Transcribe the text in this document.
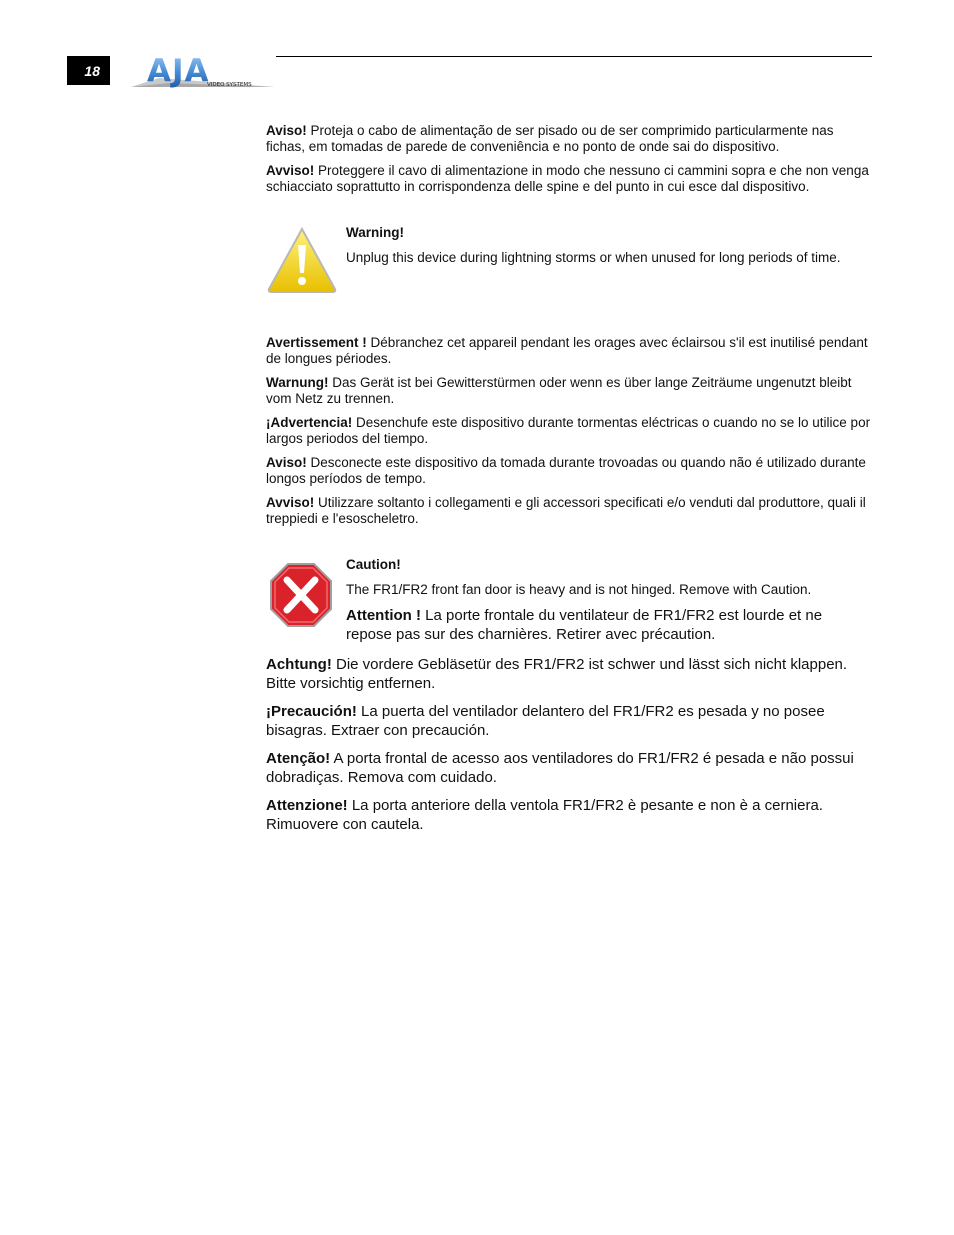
18 AJA
VIDEO SYSTEMS

Aviso! Proteja o cabo de alimentação de ser pisado ou de ser comprimido particularmente nas fichas, em tomadas de parede de conveniência e no ponto de onde sai do dispositivo.

Avviso! Proteggere il cavo di alimentazione in modo che nessuno ci cammini sopra e che non venga schiacciato soprattutto in corrispondenza delle spine e del punto in cui esce dal dispositivo.

Warning!
Unplug this device during lightning storms or when unused for long periods of time.

Avertissement ! Débranchez cet appareil pendant les orages avec éclairsou s'il est inutilisé pendant de longues périodes.

Warnung! Das Gerät ist bei Gewitterstürmen oder wenn es über lange Zeiträume ungenutzt bleibt vom Netz zu trennen.

¡Advertencia! Desenchufe este dispositivo durante tormentas eléctricas o cuando no se lo utilice por largos periodos del tiempo.

Aviso! Desconecte este dispositivo da tomada durante trovoadas ou quando não é utilizado durante longos períodos de tempo.

Avviso! Utilizzare soltanto i collegamenti e gli accessori specificati e/o venduti dal produttore, quali il treppiedi e l'esoscheletro.

Caution!
The FR1/FR2 front fan door is heavy and is not hinged. Remove with Caution.

Attention ! La porte frontale du ventilateur de FR1/FR2 est lourde et ne repose pas sur des charnières. Retirer avec précaution.

Achtung! Die vordere Gebläsetür des FR1/FR2 ist schwer und lässt sich nicht klappen. Bitte vorsichtig entfernen.

¡Precaución! La puerta del ventilador delantero del FR1/FR2 es pesada y no posee bisagras. Extraer con precaución.

Atenção! A porta frontal de acesso aos ventiladores do FR1/FR2 é pesada e não possui dobradiças. Remova com cuidado.

Attenzione! La porta anteriore della ventola FR1/FR2 è pesante e non è a cerniera. Rimuovere con cautela.
